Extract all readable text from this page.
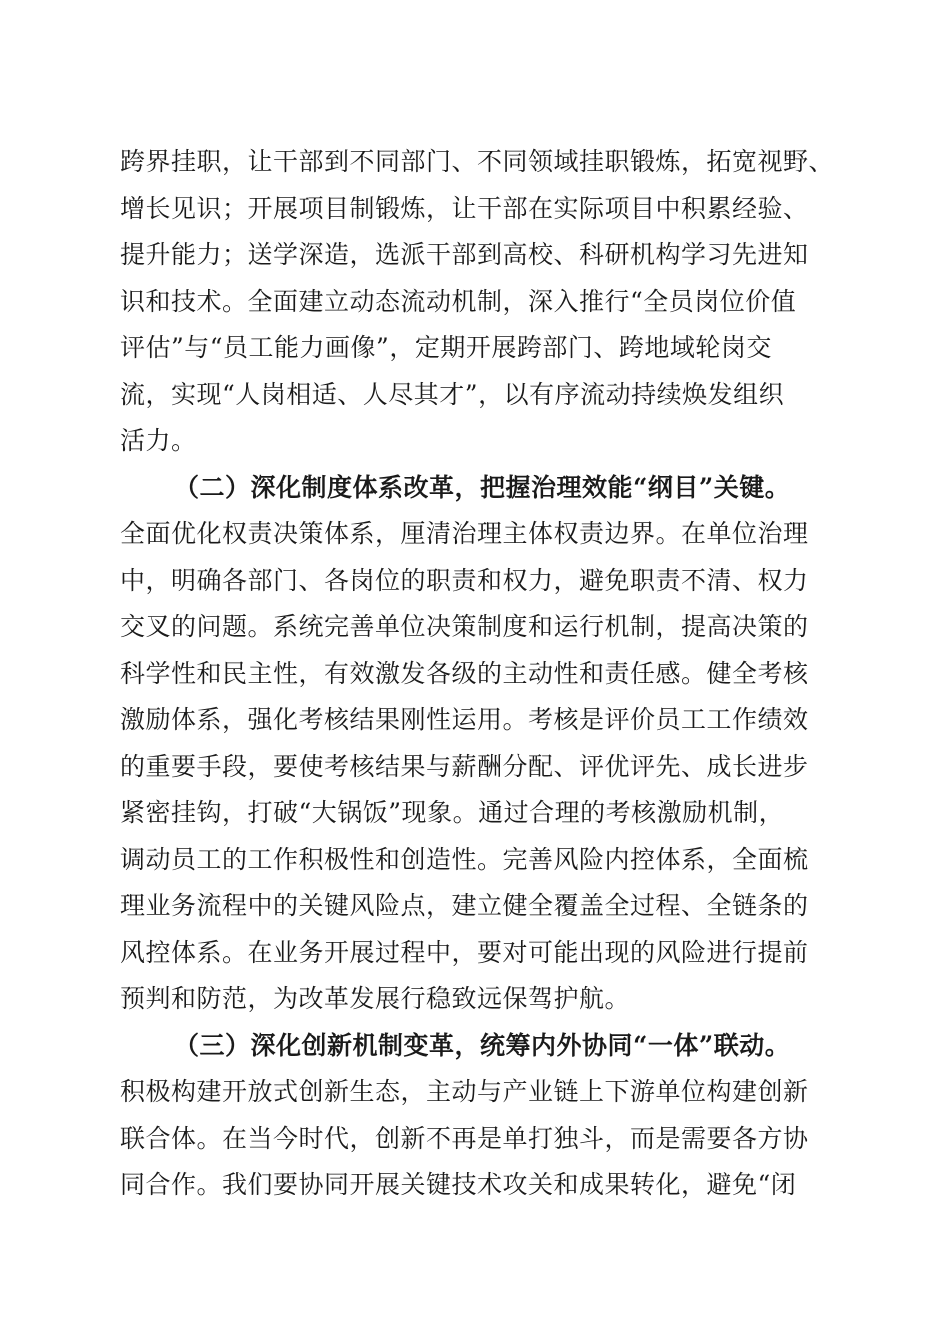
跨界挂职，让干部到不同部门、不同领域挂职锻炼，拓宽视野、
增长见识；开展项目制锻炼，让干部在实际项目中积累经验、
提升能力；送学深造，选派干部到高校、科研机构学习先进知
识和技术。全面建立动态流动机制，深入推行“全员岗位价值
评估”与“员工能力画像”，定期开展跨部门、跨地域轮岗交
流，实现“人岗相适、人尽其才”，以有序流动持续焕发组织
活力。
（二）深化制度体系改革，把握治理效能“纲目”关键。
全面优化权责决策体系，厘清治理主体权责边界。在单位治理
中，明确各部门、各岗位的职责和权力，避免职责不清、权力
交叉的问题。系统完善单位决策制度和运行机制，提高决策的
科学性和民主性，有效激发各级的主动性和责任感。健全考核
激励体系，强化考核结果刚性运用。考核是评价员工工作绩效
的重要手段，要使考核结果与薪酬分配、评优评先、成长进步
紧密挂钩，打破“大锅饭”现象。通过合理的考核激励机制，
调动员工的工作积极性和创造性。完善风险内控体系，全面梳
理业务流程中的关键风险点，建立健全覆盖全过程、全链条的
风控体系。在业务开展过程中，要对可能出现的风险进行提前
预判和防范，为改革发展行稳致远保驾护航。
（三）深化创新机制变革，统筹内外协同“一体”联动。
积极构建开放式创新生态，主动与产业链上下游单位构建创新
联合体。在当今时代，创新不再是单打独斗，而是需要各方协
同合作。我们要协同开展关键技术攻关和成果转化，避免“闭
